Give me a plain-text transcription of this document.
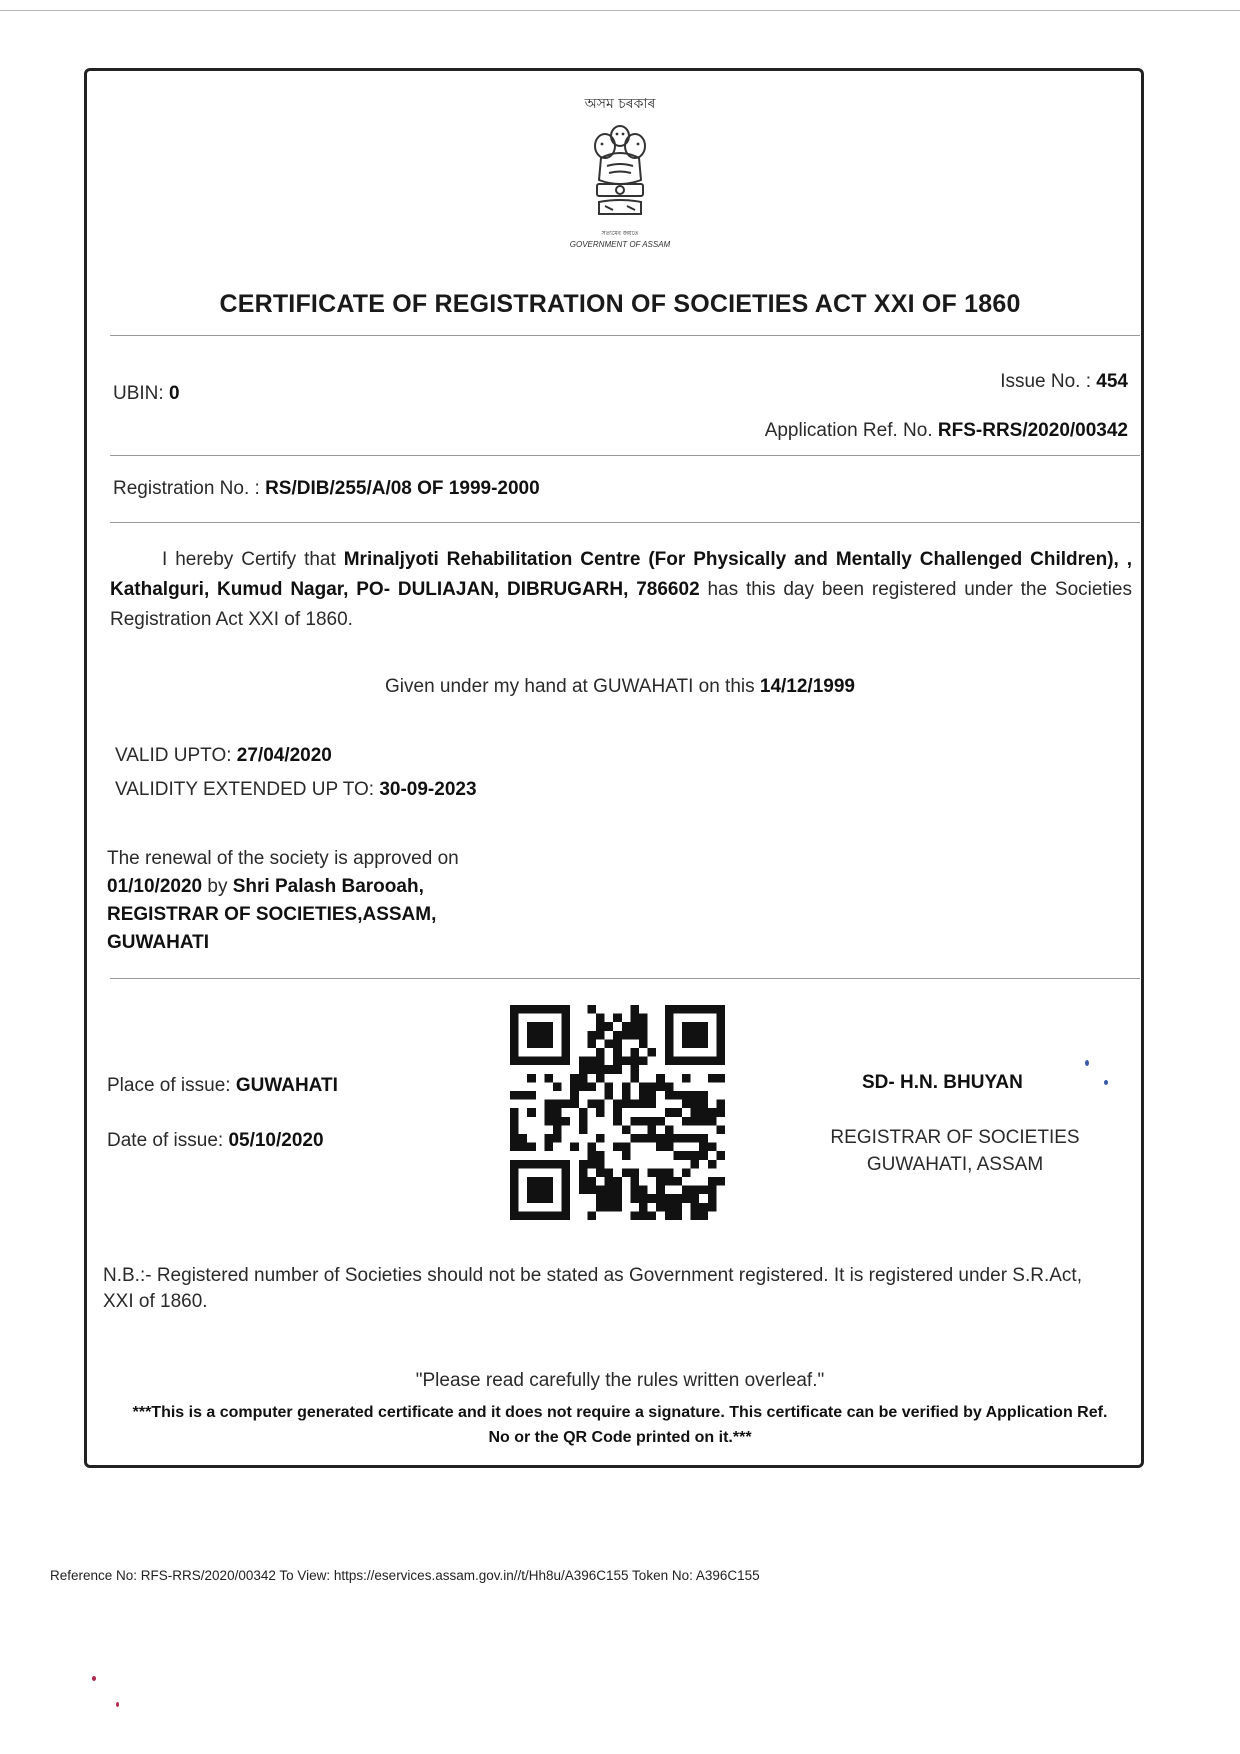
অসম চৰকাৰ
সত্যমেব জয়তে
GOVERNMENT OF ASSAM
CERTIFICATE OF REGISTRATION OF SOCIETIES ACT XXI OF 1860
UBIN: 0
Issue No. : 454
Application Ref. No. RFS-RRS/2020/00342
Registration No. : RS/DIB/255/A/08 OF 1999-2000
I hereby Certify that Mrinaljyoti Rehabilitation Centre (For Physically and Mentally Challenged Children), , Kathalguri, Kumud Nagar, PO- DULIAJAN, DIBRUGARH, 786602 has this day been registered under the Societies Registration Act XXI of 1860.
Given under my hand at GUWAHATI on this 14/12/1999
VALID UPTO: 27/04/2020
VALIDITY EXTENDED UP TO: 30-09-2023
The renewal of the society is approved on 01/10/2020 by Shri Palash Barooah, REGISTRAR OF SOCIETIES,ASSAM, GUWAHATI
Place of issue: GUWAHATI
Date of issue: 05/10/2020
SD- H.N. BHUYAN
REGISTRAR OF SOCIETIES
GUWAHATI, ASSAM
N.B.:- Registered number of Societies should not be stated as Government registered. It is registered under S.R.Act, XXI of 1860.
"Please read carefully the rules written overleaf."
***This is a computer generated certificate and it does not require a signature. This certificate can be verified by Application Ref. No or the QR Code printed on it.***
Reference No: RFS-RRS/2020/00342 To View: https://eservices.assam.gov.in//t/Hh8u/A396C155 Token No: A396C155
